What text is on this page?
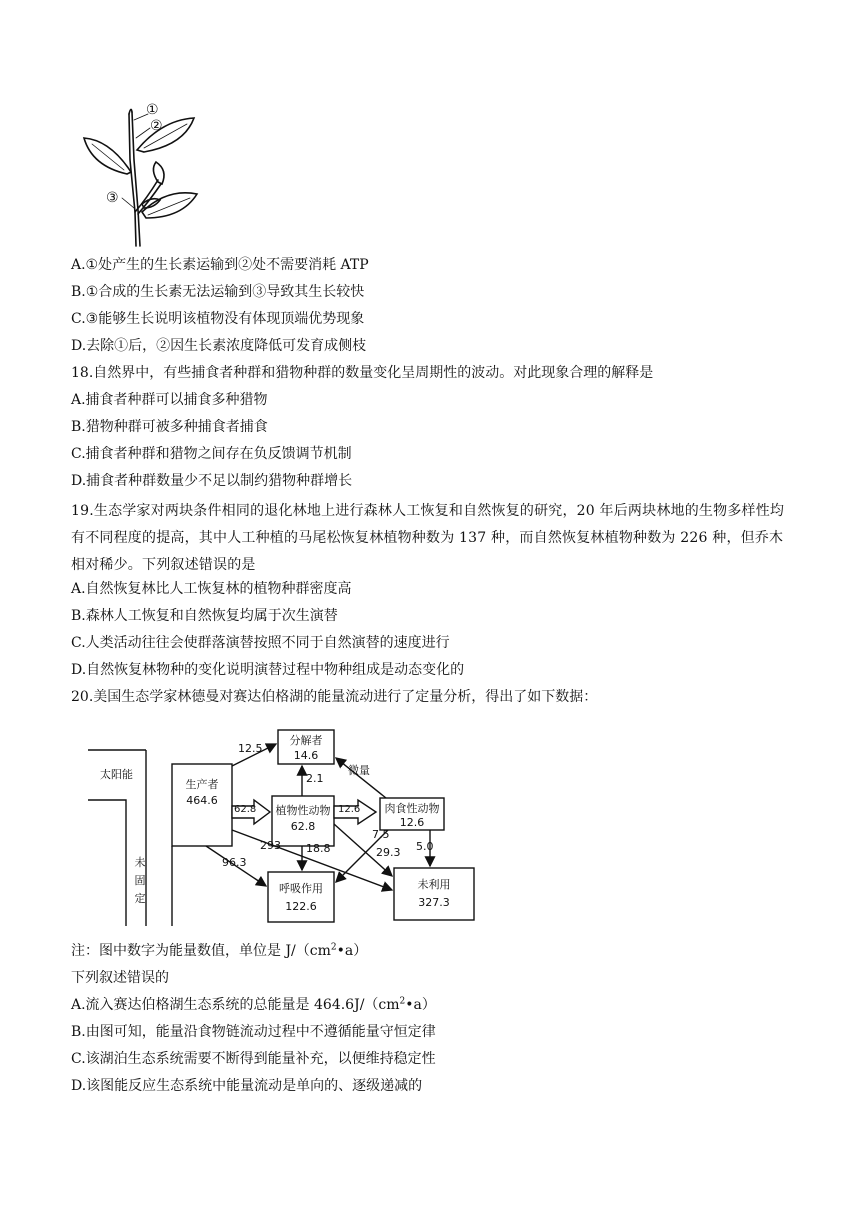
①
②
③
A.①处产生的生长素运输到②处不需要消耗 ATP
B.①合成的生长素无法运输到③导致其生长较快
C.③能够生长说明该植物没有体现顶端优势现象
D.去除①后，②因生长素浓度降低可发育成侧枝
18.自然界中，有些捕食者种群和猎物种群的数量变化呈周期性的波动。对此现象合理的解释是
A.捕食者种群可以捕食多种猎物
B.猎物种群可被多种捕食者捕食
C.捕食者种群和猎物之间存在负反馈调节机制
D.捕食者种群数量少不足以制约猎物种群增长
19.生态学家对两块条件相同的退化林地上进行森林人工恢复和自然恢复的研究，20 年后两块林地的生物多样性均有不同程度的提高，其中人工种植的马尾松恢复林植物种数为 137 种，而自然恢复林植物种数为 226 种，但乔木相对稀少。下列叙述错误的是
A.自然恢复林比人工恢复林的植物种群密度高
B.森林人工恢复和自然恢复均属于次生演替
C.人类活动往往会使群落演替按照不同于自然演替的速度进行
D.自然恢复林物种的变化说明演替过程中物种组成是动态变化的
20.美国生态学家林德曼对赛达伯格湖的能量流动进行了定量分析，得出了如下数据：
太阳能
未
固
定
生产者
464.6
分解者
14.6
植物性动物
62.8
肉食性动物
12.6
呼吸作用
122.6
未利用
327.3
微量
12.5
2.1
62.8	12.6
7.5
5.0
18.8	29.3
293
96.3
注：图中数字为能量数值，单位是 $J/(cm^2•a)$
下列叙述错误的
A.流入赛达伯格湖生态系统的总能量是 $464.6J/(cm^2•a)$
B.由图可知，能量沿食物链流动过程中不遵循能量守恒定律
C.该湖泊生态系统需要不断得到能量补充，以便维持稳定性
D.该图能反应生态系统中能量流动是单向的、逐级递减的
